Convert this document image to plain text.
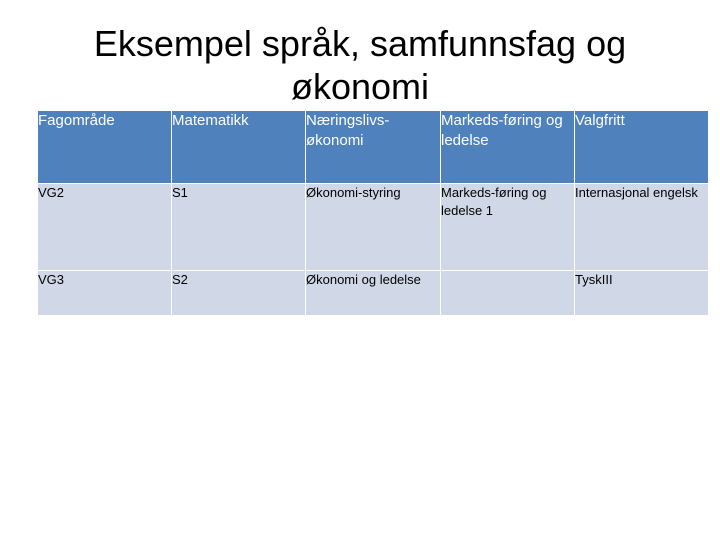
Eksempel språk, samfunnsfag og økonomi
Fagområde	Matematikk	Næringslivs-økonomi	Markeds-føring og ledelse	Valgfritt
VG2	S1	Økonomi-styring	Markeds-føring og ledelse 1	Internasjonal engelsk
VG3	S2	Økonomi og ledelse		TyskIII
